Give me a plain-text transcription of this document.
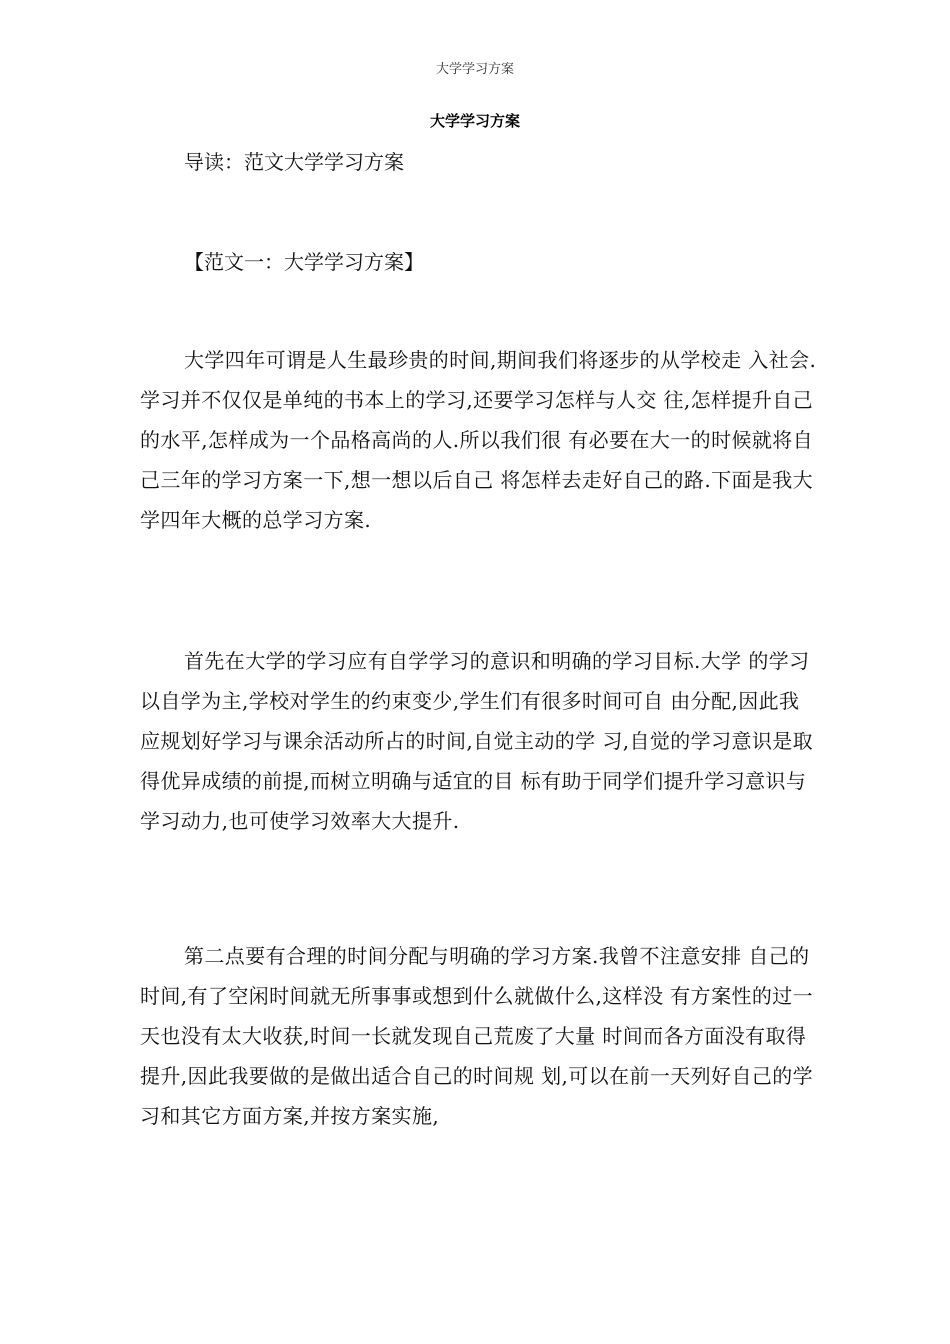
大学学习方案
大学学习方案
导读：范文大学学习方案
【范文一：大学学习方案】
大学四年可谓是人生最珍贵的时间,期间我们将逐步的从学校走 入社会.
学习并不仅仅是单纯的书本上的学习,还要学习怎样与人交 往,怎样提升自己
的水平,怎样成为一个品格高尚的人.所以我们很 有必要在大一的时候就将自
己三年的学习方案一下,想一想以后自己 将怎样去走好自己的路.下面是我大
学四年大概的总学习方案.
首先在大学的学习应有自学学习的意识和明确的学习目标.大学 的学习
以自学为主,学校对学生的约束变少,学生们有很多时间可自 由分配,因此我
应规划好学习与课余活动所占的时间,自觉主动的学 习,自觉的学习意识是取
得优异成绩的前提,而树立明确与适宜的目 标有助于同学们提升学习意识与
学习动力,也可使学习效率大大提升.
第二点要有合理的时间分配与明确的学习方案.我曾不注意安排 自己的
时间,有了空闲时间就无所事事或想到什么就做什么,这样没 有方案性的过一
天也没有太大收获,时间一长就发现自己荒废了大量 时间而各方面没有取得
提升,因此我要做的是做出适合自己的时间规 划,可以在前一天列好自己的学
习和其它方面方案,并按方案实施,
